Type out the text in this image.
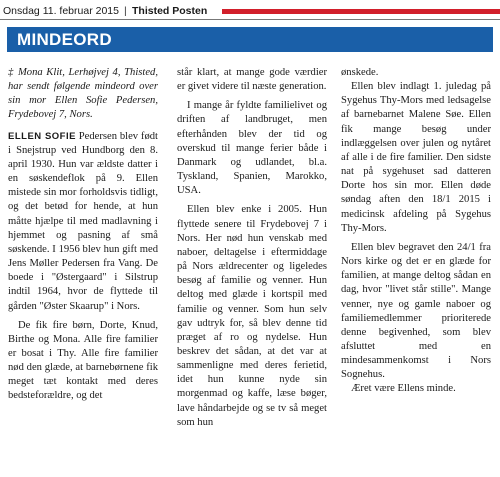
Onsdag 11. februar 2015 | Thisted Posten
MINDEORD

‡ Mona Klit, Lerhøjvej 4, Thisted, har sendt følgende mindeord over sin mor Ellen Sofie Pedersen, Frydebovej 7, Nors.

ELLEN SOFIE Pedersen blev født i Snejstrup ved Hundborg den 8. april 1930. Hun var ældste datter i en søskendeflok på 9. Ellen mistede sin mor forholdsvis tidligt, og det betød for hende, at hun måtte hjælpe til med madlavning i hjemmet og pasning af små søskende. I 1956 blev hun gift med Jens Møller Pedersen fra Vang. De boede i "Østergaard" i Silstrup indtil 1964, hvor de flyttede til gården "Øster Skaarup" i Nors.

De fik fire børn, Dorte, Knud, Birthe og Mona. Alle fire familier er bosat i Thy. Alle fire familier nød den glæde, at barnebørnene fik meget tæt kontakt med deres bedsteforældre, og det

står klart, at mange gode værdier er givet videre til næste generation.

I mange år fyldte familielivet og driften af landbruget, men efterhånden blev der tid og overskud til mange ferier både i Danmark og udlandet, bl.a. Tyskland, Spanien, Marokko, USA.

Ellen blev enke i 2005. Hun flyttede senere til Frydebovej 7 i Nors. Her nød hun venskab med naboer, deltagelse i eftermiddage på Nors ældrecenter og ligeledes besøg af familie og venner. Hun deltog med glæde i kortspil med familie og venner. Som hun selv gav udtryk for, så blev denne tid præget af ro og nydelse. Hun beskrev det sådan, at det var at sammenligne med deres ferietid, idet hun kunne nyde sin morgenmad og kaffe, læse bøger, lave håndarbejde og se tv så meget som hun

ønskede.

Ellen blev indlagt 1. juledag på Sygehus Thy-Mors med ledsagelse af barnebarnet Malene Søe. Ellen fik mange besøg under indlæggelsen over julen og nytåret af alle i de fire familier. Den sidste nat på sygehuset sad datteren Dorte hos sin mor. Ellen døde søndag aften den 18/1 2015 i medicinsk afdeling på Sygehus Thy-Mors.

Ellen blev begravet den 24/1 fra Nors kirke og det er en glæde for familien, at mange deltog sådan en dag, hvor "livet står stille". Mange venner, nye og gamle naboer og familiemedlemmer prioriterede denne begivenhed, som blev afsluttet med en mindesammenkomst i Nors Sognehus.

Æret være Ellens minde.
